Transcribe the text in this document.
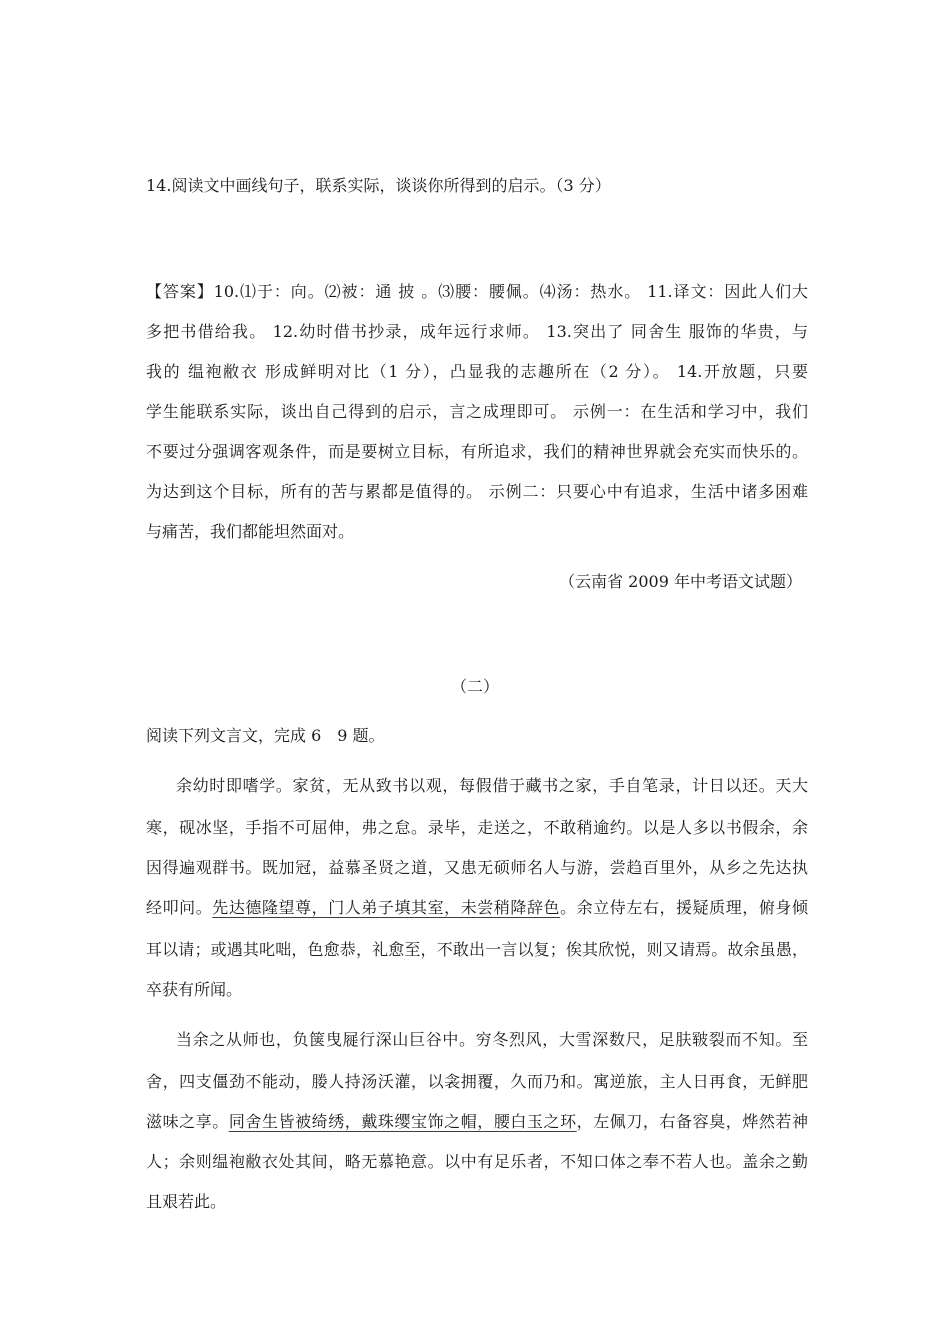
14.阅读文中画线句子，联系实际，谈谈你所得到的启示。（3 分）
【答案】10.⑴于：向。⑵被：通 披 。⑶腰：腰佩。⑷汤：热水。 11.译文：因此人们大
多把书借给我。 12.幼时借书抄录，成年远行求师。 13.突出了 同舍生 服饰的华贵，与
我的 缊袍敝衣 形成鲜明对比（1 分），凸显我的志趣所在（2 分）。 14.开放题，只要
学生能联系实际，谈出自己得到的启示，言之成理即可。 示例一：在生活和学习中，我们
不要过分强调客观条件，而是要树立目标，有所追求，我们的精神世界就会充实而快乐的。
为达到这个目标，所有的苦与累都是值得的。 示例二：只要心中有追求，生活中诸多困难
与痛苦，我们都能坦然面对。
（云南省 2009 年中考语文试题）
（二）
阅读下列文言文，完成 6　9 题。
余幼时即嗜学。家贫，无从致书以观，每假借于藏书之家，手自笔录，计日以还。天大
寒，砚冰坚，手指不可屈伸，弗之怠。录毕，走送之，不敢稍逾约。以是人多以书假余，余
因得遍观群书。既加冠，益慕圣贤之道，又患无硕师名人与游，尝趋百里外，从乡之先达执
经叩问。先达德隆望尊，门人弟子填其室，未尝稍降辞色。余立侍左右，援疑质理，俯身倾
耳以请；或遇其叱咄，色愈恭，礼愈至，不敢出一言以复；俟其欣悦，则又请焉。故余虽愚，
卒获有所闻。
当余之从师也，负箧曳屣行深山巨谷中。穷冬烈风，大雪深数尺，足肤皲裂而不知。至
舍，四支僵劲不能动，媵人持汤沃灌，以衾拥覆，久而乃和。寓逆旅，主人日再食，无鲜肥
滋味之享。同舍生皆被绮绣，戴珠缨宝饰之帽，腰白玉之环，左佩刀，右备容臭，烨然若神
人；余则缊袍敝衣处其间，略无慕艳意。以中有足乐者，不知口体之奉不若人也。盖余之勤
且艰若此。
